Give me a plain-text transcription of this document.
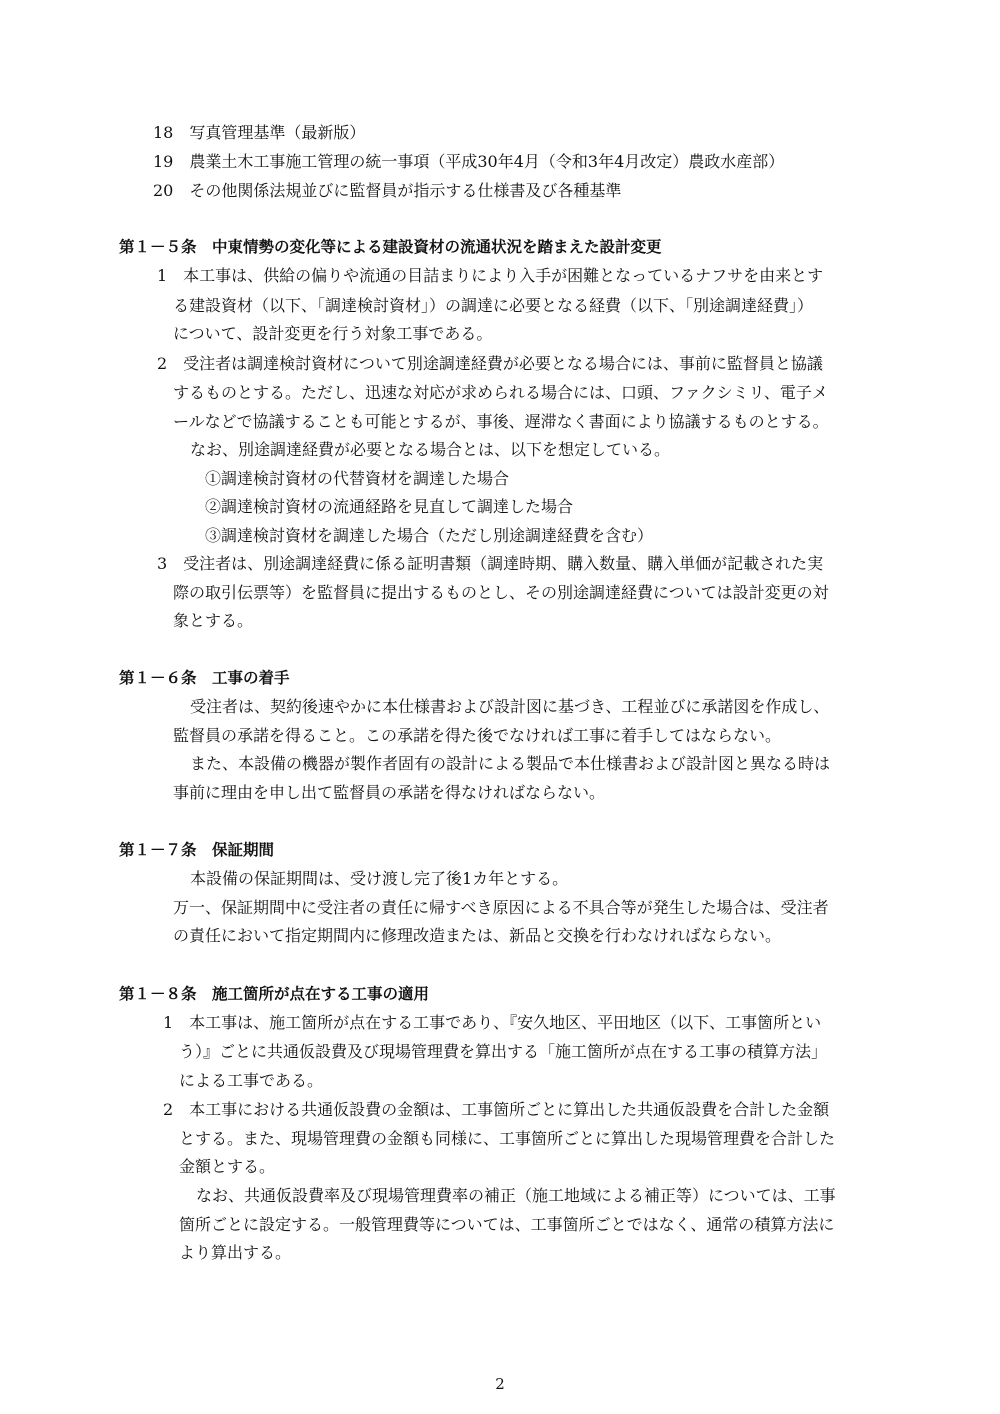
18　写真管理基準（最新版）
19　農業土木工事施工管理の統一事項（平成30年4月（令和3年4月改定）農政水産部）
20　その他関係法規並びに監督員が指示する仕様書及び各種基準
第１－５条　中東情勢の変化等による建設資材の流通状況を踏まえた設計変更
1　本工事は、供給の偏りや流通の目詰まりにより入手が困難となっているナフサを由来とす
る建設資材（以下、「調達検討資材」）の調達に必要となる経費（以下、「別途調達経費」）
について、設計変更を行う対象工事である。
2　受注者は調達検討資材について別途調達経費が必要となる場合には、事前に監督員と協議
するものとする。ただし、迅速な対応が求められる場合には、口頭、ファクシミリ、電子メ
ールなどで協議することも可能とするが、事後、遅滞なく書面により協議するものとする。
なお、別途調達経費が必要となる場合とは、以下を想定している。
①調達検討資材の代替資材を調達した場合
②調達検討資材の流通経路を見直して調達した場合
③調達検討資材を調達した場合（ただし別途調達経費を含む）
3　受注者は、別途調達経費に係る証明書類（調達時期、購入数量、購入単価が記載された実
際の取引伝票等）を監督員に提出するものとし、その別途調達経費については設計変更の対
象とする。
第１－６条　工事の着手
受注者は、契約後速やかに本仕様書および設計図に基づき、工程並びに承諾図を作成し、
監督員の承諾を得ること。この承諾を得た後でなければ工事に着手してはならない。
また、本設備の機器が製作者固有の設計による製品で本仕様書および設計図と異なる時は
事前に理由を申し出て監督員の承諾を得なければならない。
第１－７条　保証期間
本設備の保証期間は、受け渡し完了後1カ年とする。
万一、保証期間中に受注者の責任に帰すべき原因による不具合等が発生した場合は、受注者
の責任において指定期間内に修理改造または、新品と交換を行わなければならない。
第１－８条　施工箇所が点在する工事の適用
1　本工事は、施工箇所が点在する工事であり、『安久地区、平田地区（以下、工事箇所とい
う）』ごとに共通仮設費及び現場管理費を算出する「施工箇所が点在する工事の積算方法」
による工事である。
2　本工事における共通仮設費の金額は、工事箇所ごとに算出した共通仮設費を合計した金額
とする。また、現場管理費の金額も同様に、工事箇所ごとに算出した現場管理費を合計した
金額とする。
なお、共通仮設費率及び現場管理費率の補正（施工地域による補正等）については、工事
箇所ごとに設定する。一般管理費等については、工事箇所ごとではなく、通常の積算方法に
より算出する。
2
